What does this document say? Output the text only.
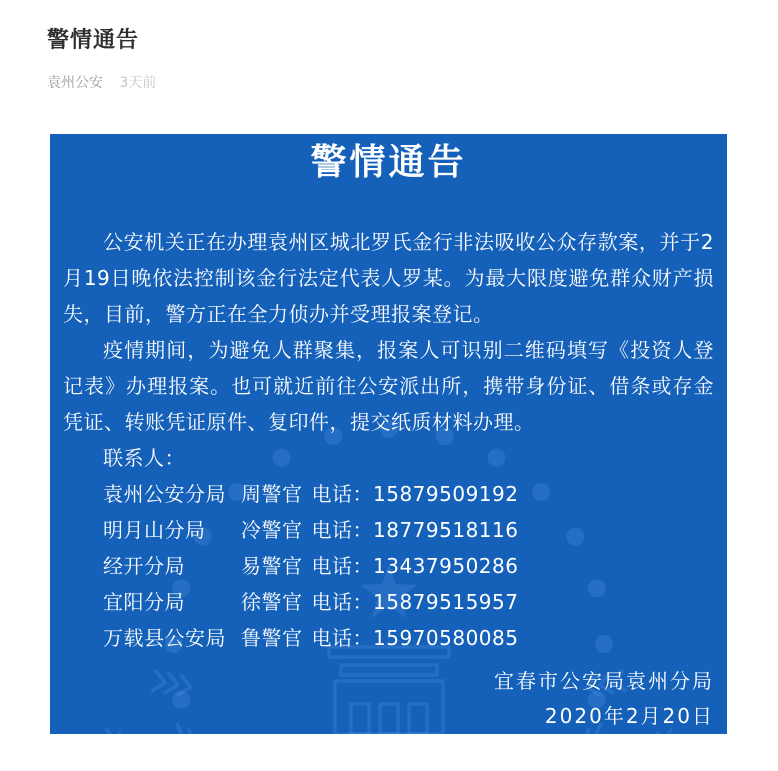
警情通告
袁州公安 3天前
警情通告

公安机关正在办理袁州区城北罗氏金行非法吸收公众存款案，并于2月19日晚依法控制该金行法定代表人罗某。为最大限度避免群众财产损失，目前，警方正在全力侦办并受理报案登记。

疫情期间，为避免人群聚集，报案人可识别二维码填写《投资人登记表》办理报案。也可就近前往公安派出所，携带身份证、借条或存金凭证、转账凭证原件、复印件，提交纸质材料办理。

联系人：

袁州公安分局 周警官 电话： 15879509192
明月山分局	冷警官 电话： 18779518116
经开分局	易警官 电话： 13437950286
宜阳分局	徐警官 电话： 15879515957
万载县公安局 鲁警官 电话： 15970580085
宜春市公安局袁州分局
2020年2月20日
